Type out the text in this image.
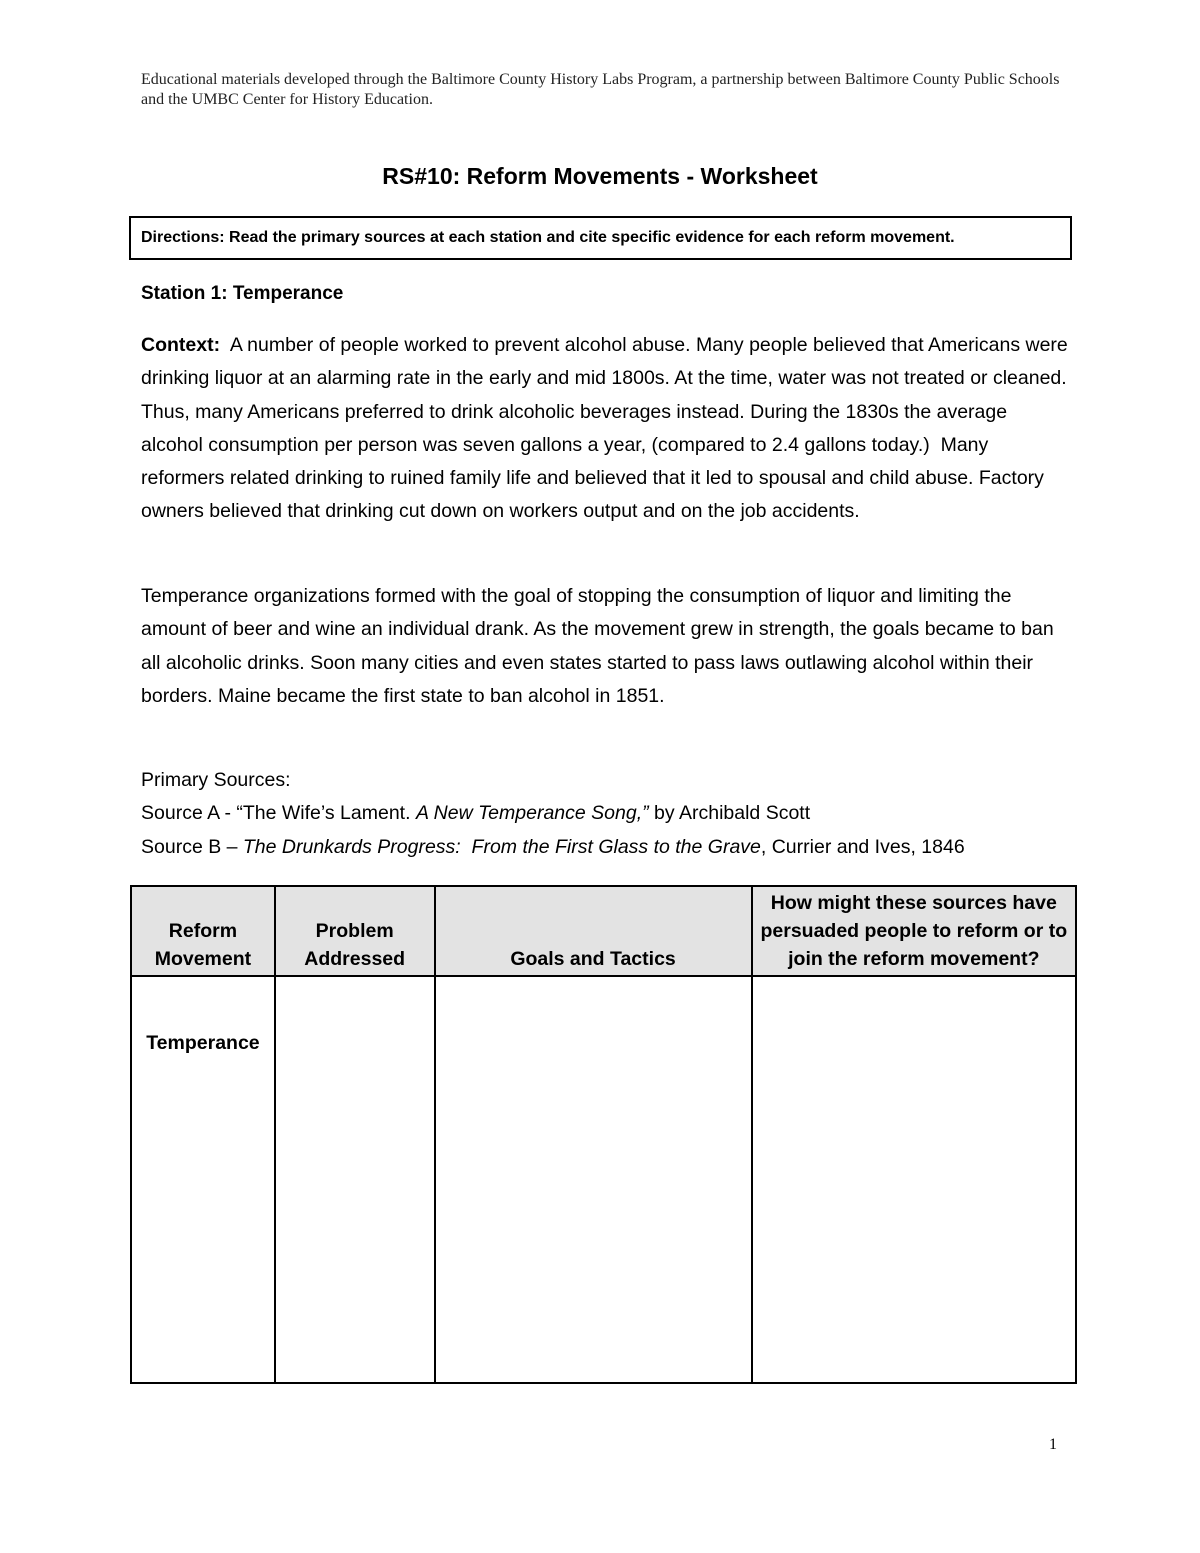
Educational materials developed through the Baltimore County History Labs Program, a partnership between Baltimore County Public Schools and the UMBC Center for History Education.
RS#10: Reform Movements - Worksheet
Directions: Read the primary sources at each station and cite specific evidence for each reform movement.
Station 1: Temperance
Context:  A number of people worked to prevent alcohol abuse. Many people believed that Americans were drinking liquor at an alarming rate in the early and mid 1800s. At the time, water was not treated or cleaned. Thus, many Americans preferred to drink alcoholic beverages instead. During the 1830s the average alcohol consumption per person was seven gallons a year, (compared to 2.4 gallons today.)  Many reformers related drinking to ruined family life and believed that it led to spousal and child abuse. Factory owners believed that drinking cut down on workers output and on the job accidents.
Temperance organizations formed with the goal of stopping the consumption of liquor and limiting the amount of beer and wine an individual drank. As the movement grew in strength, the goals became to ban all alcoholic drinks. Soon many cities and even states started to pass laws outlawing alcohol within their borders. Maine became the first state to ban alcohol in 1851.
Primary Sources:
Source A - “The Wife’s Lament. A New Temperance Song,” by Archibald Scott
Source B – The Drunkards Progress:  From the First Glass to the Grave, Currier and Ives, 1846
Reform Movement	Problem Addressed	Goals and Tactics	How might these sources have persuaded people to reform or to join the reform movement?
Temperance			
1
